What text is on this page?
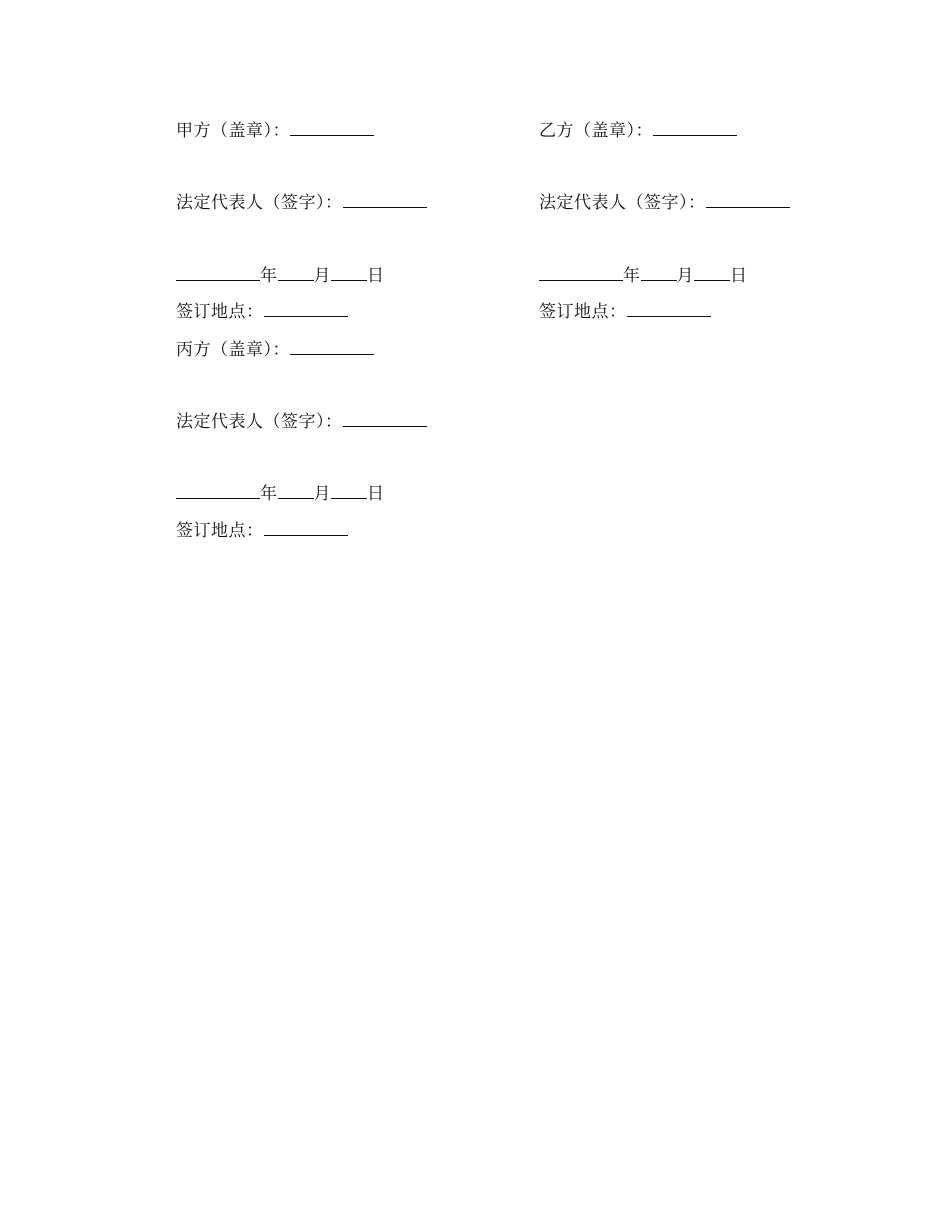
甲方（盖章）：
法定代表人（签字）：
年 月 日
签订地点：
乙方（盖章）：
法定代表人（签字）：
年 月 日
签订地点：
丙方（盖章）：
法定代表人（签字）：
年 月 日
签订地点：
